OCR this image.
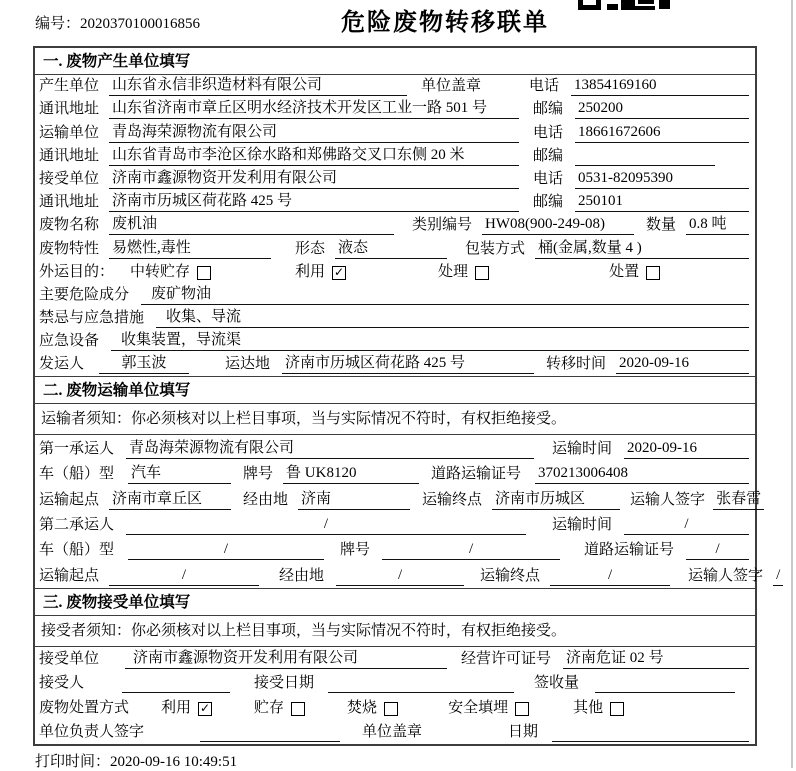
编号：2020370100016856	危险废物转移联单
一. 废物产生单位填写
产生单位 山东省永信非织造材料有限公司	单位盖章	电话 13854169160
通讯地址 山东省济南市章丘区明水经济技术开发区工业一路 501 号	邮编 250200
运输单位 青岛海荣源物流有限公司	电话 18661672606
通讯地址 山东省青岛市李沧区徐水路和郑佛路交叉口东侧 20 米	邮编
接受单位 济南市鑫源物资开发利用有限公司	电话 0531-82095390
通讯地址 济南市历城区荷花路 425 号	邮编 250101
废物名称 废机油	类别编号 HW08(900-249-08)	数量 0.8 吨
废物特性 易燃性,毒性	形态 液态	包装方式 桶(金属,数量 4 )
外运目的： 中转贮存	利用 ✓	处理	处置
主要危险成分	废矿物油
禁忌与应急措施	收集、导流
应急设备	收集装置，导流渠
发运人	郭玉波	运达地 济南市历城区荷花路 425 号	转移时间 2020-09-16
二. 废物运输单位填写
运输者须知：你必须核对以上栏目事项，当与实际情况不符时，有权拒绝接受。
第一承运人 青岛海荣源物流有限公司	运输时间 2020-09-16
车（船）型 汽车	牌号 鲁 UK8120	道路运输证号 370213006408
运输起点 济南市章丘区	经由地 济南	运输终点 济南市历城区	运输人签字 张春雷
第二承运人	/	运输时间	/
车（船）型	/	牌号	/	道路运输证号	/
运输起点	/	经由地	/	运输终点	/	运输人签字 /
三. 废物接受单位填写
接受者须知：你必须核对以上栏目事项，当与实际情况不符时，有权拒绝接受。
接受单位	济南市鑫源物资开发利用有限公司	经营许可证号 济南危证 02 号
接受人	接受日期	签收量
废物处置方式 利用 ✓	贮存	焚烧	安全填埋	其他
单位负责人签字	单位盖章	日期
打印时间：2020-09-16 10:49:51
